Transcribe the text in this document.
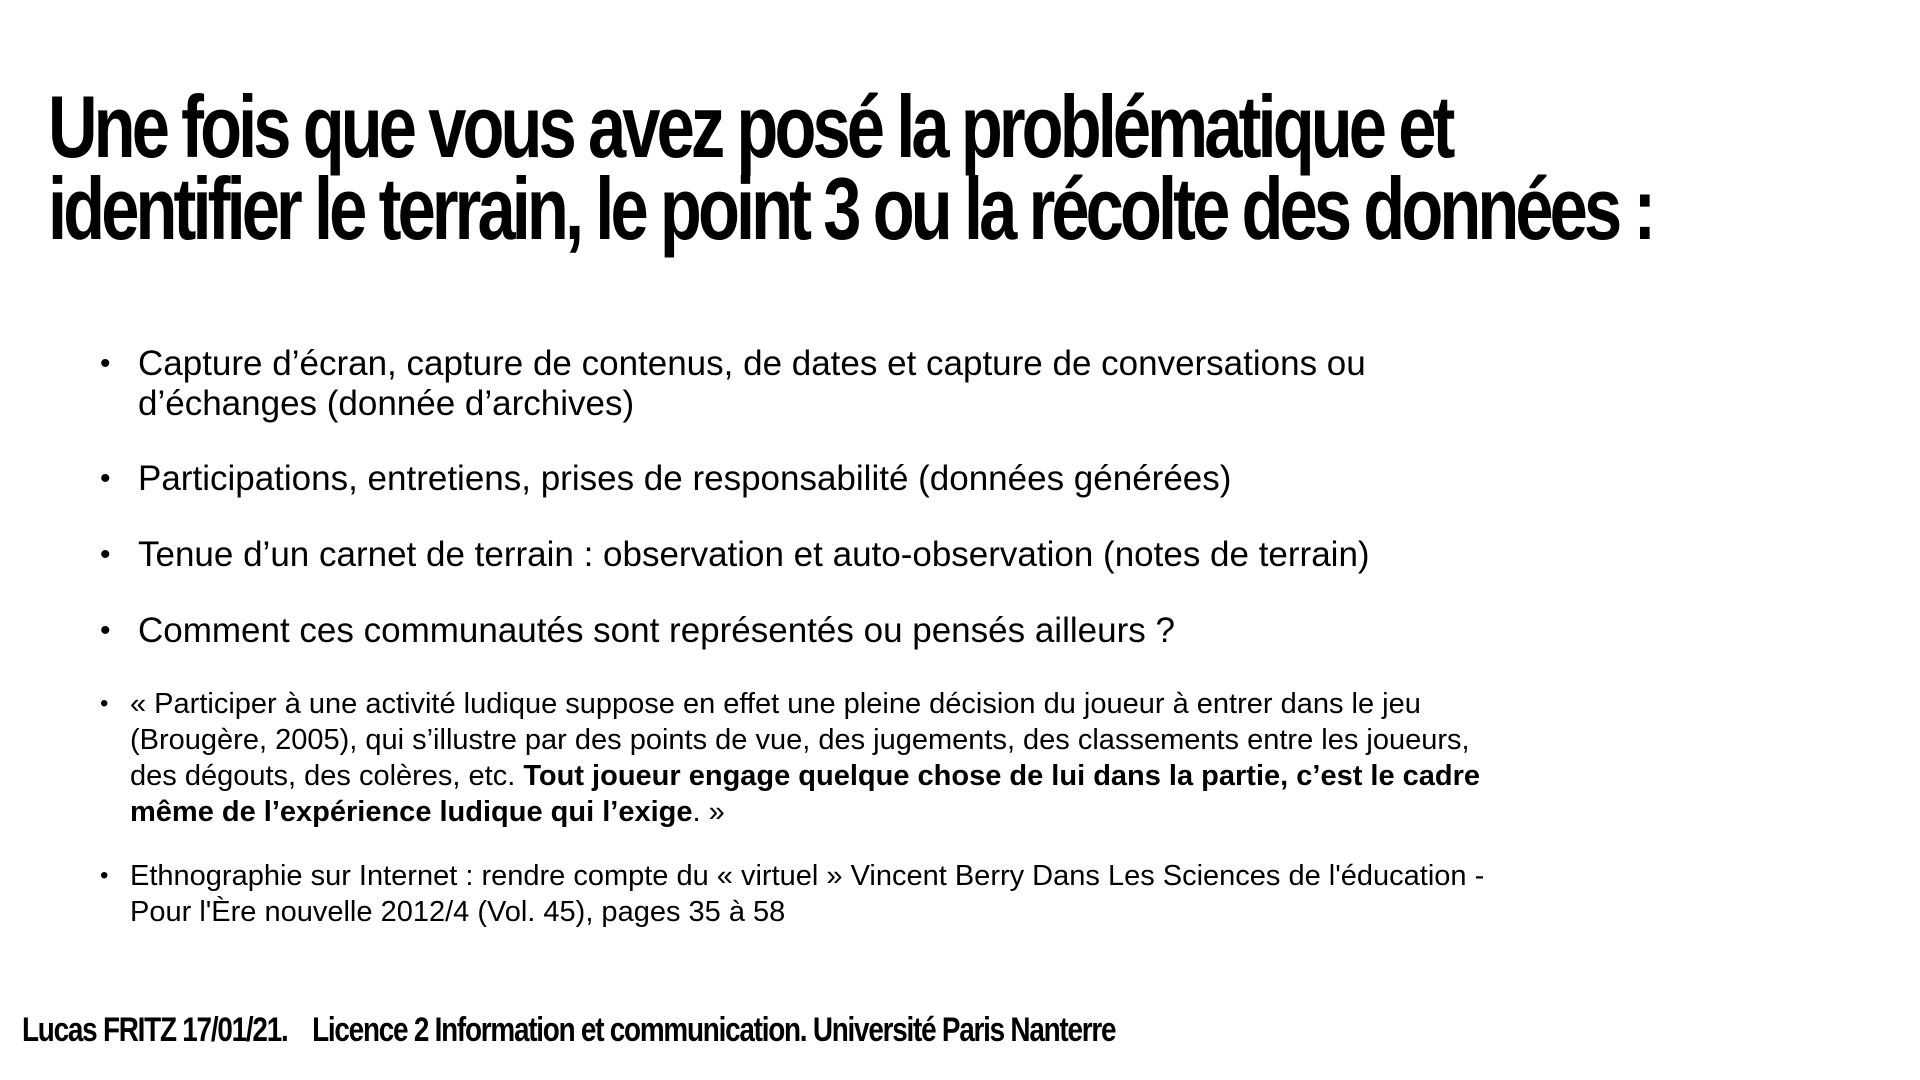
Une fois que vous avez posé la problématique et
identifier le terrain, le point 3 ou la récolte des données :
• Capture d’écran, capture de contenus, de dates et capture de conversations ou d’échanges (donnée d’archives)
• Participations, entretiens, prises de responsabilité (données générées)
• Tenue d’un carnet de terrain : observation et auto-observation (notes de terrain)
• Comment ces communautés sont représentés ou pensés ailleurs ?
• « Participer à une activité ludique suppose en effet une pleine décision du joueur à entrer dans le jeu (Brougère, 2005), qui s’illustre par des points de vue, des jugements, des classements entre les joueurs, des dégouts, des colères, etc. Tout joueur engage quelque chose de lui dans la partie, c’est le cadre même de l’expérience ludique qui l’exige. »
• Ethnographie sur Internet : rendre compte du « virtuel » Vincent Berry Dans Les Sciences de l'éducation - Pour l'Ère nouvelle 2012/4 (Vol. 45), pages 35 à 58
Lucas FRITZ 17/01/21. Licence 2 Information et communication. Université Paris Nanterre
